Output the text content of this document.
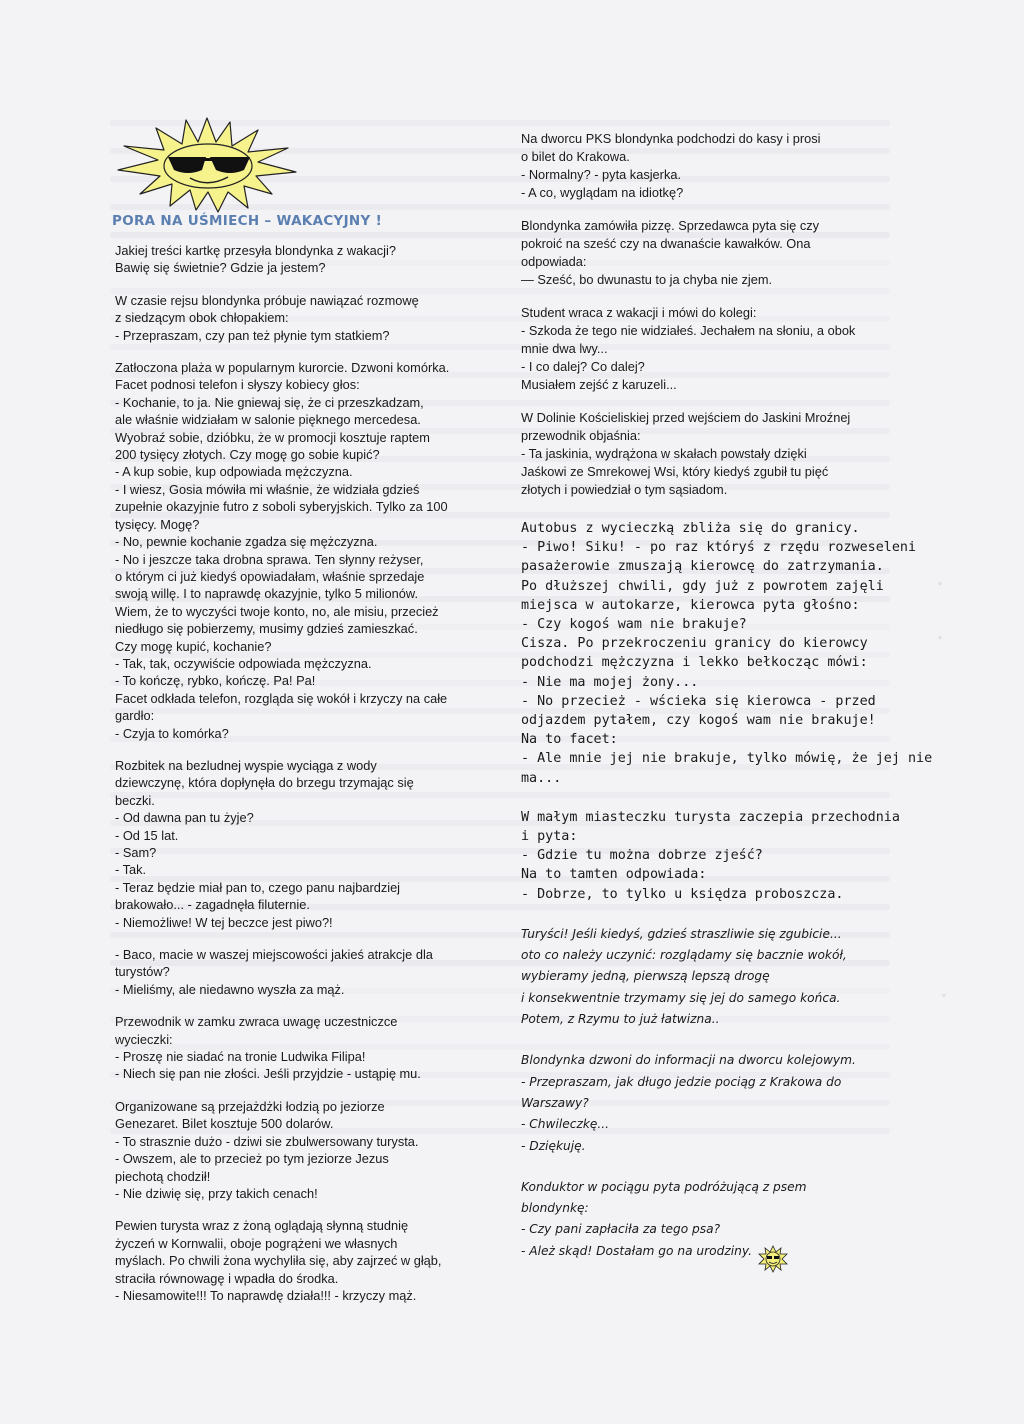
◦
◦
◦
PORA NA UŚMIECH – WAKACYJNY !
Jakiej treści kartkę przesyła blondynka z wakacji?
Bawię się świetnie? Gdzie ja jestem?
W czasie rejsu blondynka próbuje nawiązać rozmowę
z siedzącym obok chłopakiem:
- Przepraszam, czy pan też płynie tym statkiem?
Zatłoczona plaża w popularnym kurorcie. Dzwoni komórka.
Facet podnosi telefon i słyszy kobiecy głos:
- Kochanie, to ja. Nie gniewaj się, że ci przeszkadzam,
ale właśnie widziałam w salonie pięknego mercedesa.
Wyobraź sobie, dzióbku, że w promocji kosztuje raptem
200 tysięcy złotych. Czy mogę go sobie kupić?
- A kup sobie, kup odpowiada mężczyzna.
- I wiesz, Gosia mówiła mi właśnie, że widziała gdzieś
zupełnie okazyjnie futro z soboli syberyjskich. Tylko za 100
tysięcy. Mogę?
- No, pewnie kochanie zgadza się mężczyzna.
- No i jeszcze taka drobna sprawa. Ten słynny reżyser,
o którym ci już kiedyś opowiadałam, właśnie sprzedaje
swoją willę. I to naprawdę okazyjnie, tylko 5 milionów.
Wiem, że to wyczyści twoje konto, no, ale misiu, przecież
niedługo się pobierzemy, musimy gdzieś zamieszkać.
Czy mogę kupić, kochanie?
- Tak, tak, oczywiście odpowiada mężczyzna.
- To kończę, rybko, kończę. Pa! Pa!
Facet odkłada telefon, rozgląda się wokół i krzyczy na całe
gardło:
- Czyja to komórka?
Rozbitek na bezludnej wyspie wyciąga z wody
dziewczynę, która dopłynęła do brzegu trzymając się
beczki.
- Od dawna pan tu żyje?
- Od 15 lat.
- Sam?
- Tak.
- Teraz będzie miał pan to, czego panu najbardziej
brakowało... - zagadnęła filuternie.
- Niemożliwe! W tej beczce jest piwo?!
- Baco, macie w waszej miejscowości jakieś atrakcje dla
turystów?
- Mieliśmy, ale niedawno wyszła za mąż.
Przewodnik w zamku zwraca uwagę uczestniczce
wycieczki:
- Proszę nie siadać na tronie Ludwika Filipa!
- Niech się pan nie złości. Jeśli przyjdzie - ustąpię mu.
Organizowane są przejażdżki łodzią po jeziorze
Genezaret. Bilet kosztuje 500 dolarów.
- To strasznie dużo - dziwi sie zbulwersowany turysta.
- Owszem, ale to przecież po tym jeziorze Jezus
piechotą chodził!
- Nie dziwię się, przy takich cenach!
Pewien turysta wraz z żoną oglądają słynną studnię
życzeń w Kornwalii, oboje pogrążeni we własnych
myślach. Po chwili żona wychyliła się, aby zajrzeć w głąb,
straciła równowagę i wpadła do środka.
- Niesamowite!!! To naprawdę działa!!! - krzyczy mąż.
Na dworcu PKS blondynka podchodzi do kasy i prosi
o bilet do Krakowa.
- Normalny? - pyta kasjerka.
- A co, wyglądam na idiotkę?
Blondynka zamówiła pizzę. Sprzedawca pyta się czy
pokroić na sześć czy na dwanaście kawałków. Ona
odpowiada:
— Sześć, bo dwunastu to ja chyba nie zjem.
Student wraca z wakacji i mówi do kolegi:
- Szkoda że tego nie widziałeś. Jechałem na słoniu, a obok
mnie dwa lwy...
- I co dalej? Co dalej?
Musiałem zejść z karuzeli...
W Dolinie Kościeliskiej przed wejściem do Jaskini Mroźnej
przewodnik objaśnia:
- Ta jaskinia, wydrążona w skałach powstały dzięki
Jaśkowi ze Smrekowej Wsi, który kiedyś zgubił tu pięć
złotych i powiedział o tym sąsiadom.
Autobus z wycieczką zbliża się do granicy.
- Piwo! Siku! - po raz któryś z rzędu rozweseleni
pasażerowie zmuszają kierowcę do zatrzymania.
Po dłuższej chwili, gdy już z powrotem zajęli
miejsca w autokarze, kierowca pyta głośno:
- Czy kogoś wam nie brakuje?
Cisza. Po przekroczeniu granicy do kierowcy
podchodzi mężczyzna i lekko bełkocząc mówi:
- Nie ma mojej żony...
- No przecież - wścieka się kierowca - przed
odjazdem pytałem, czy kogoś wam nie brakuje!
Na to facet:
- Ale mnie jej nie brakuje, tylko mówię, że jej nie
ma...
W małym miasteczku turysta zaczepia przechodnia
i pyta:
- Gdzie tu można dobrze zjeść?
Na to tamten odpowiada:
- Dobrze, to tylko u księdza proboszcza.
Turyści! Jeśli kiedyś, gdzieś straszliwie się zgubicie...
oto co należy uczynić: rozglądamy się bacznie wokół,
wybieramy jedną, pierwszą lepszą drogę
i konsekwentnie trzymamy się jej do samego końca.
Potem, z Rzymu to już łatwizna..
Blondynka dzwoni do informacji na dworcu kolejowym.
- Przepraszam, jak długo jedzie pociąg z Krakowa do
Warszawy?
- Chwileczkę...
- Dziękuję.
Konduktor w pociągu pyta podróżującą z psem
blondynkę:
- Czy pani zapłaciła za tego psa?
- Ależ skąd! Dostałam go na urodziny.
